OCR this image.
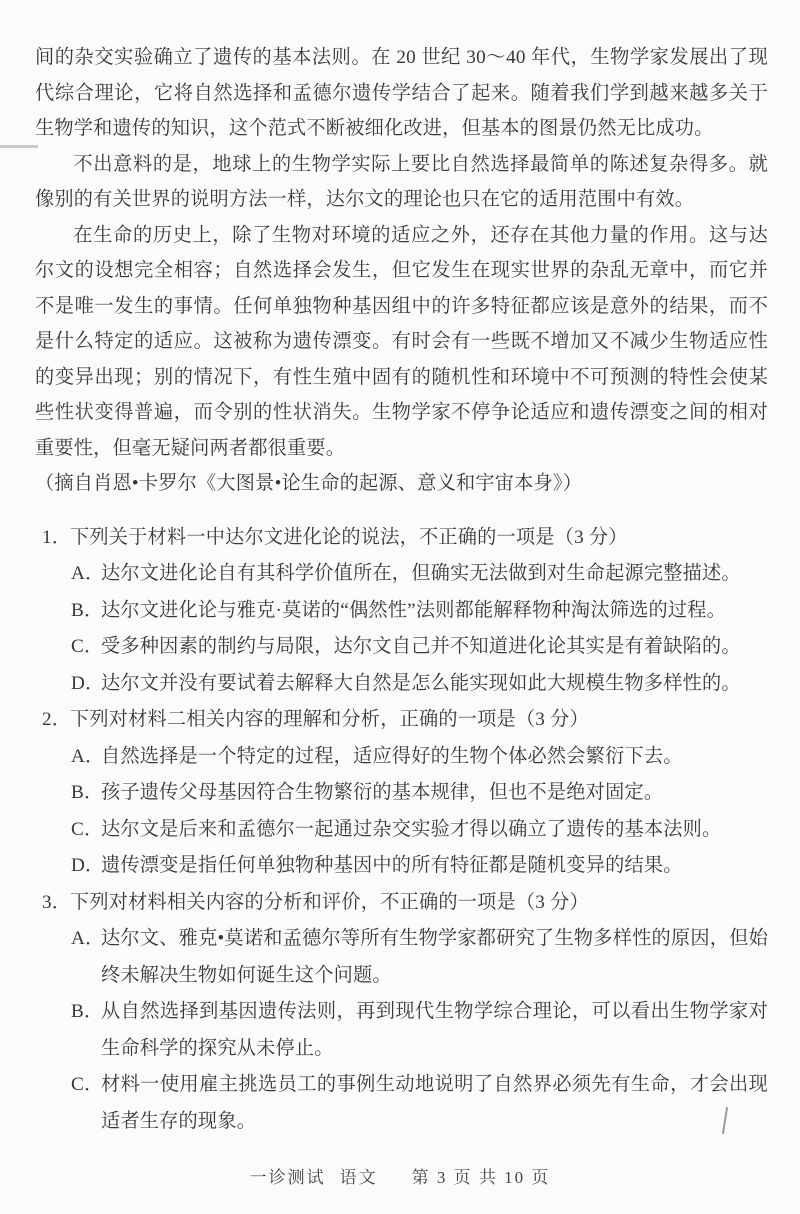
间的杂交实验确立了遗传的基本法则。在 20 世纪 30～40 年代，生物学家发展出了现代综合理论，它将自然选择和孟德尔遗传学结合了起来。随着我们学到越来越多关于生物学和遗传的知识，这个范式不断被细化改进，但基本的图景仍然无比成功。

不出意料的是，地球上的生物学实际上要比自然选择最简单的陈述复杂得多。就像别的有关世界的说明方法一样，达尔文的理论也只在它的适用范围中有效。

在生命的历史上，除了生物对环境的适应之外，还存在其他力量的作用。这与达尔文的设想完全相容；自然选择会发生，但它发生在现实世界的杂乱无章中，而它并不是唯一发生的事情。任何单独物种基因组中的许多特征都应该是意外的结果，而不是什么特定的适应。这被称为遗传漂变。有时会有一些既不增加又不减少生物适应性的变异出现；别的情况下，有性生殖中固有的随机性和环境中不可预测的特性会使某些性状变得普遍，而令别的性状消失。生物学家不停争论适应和遗传漂变之间的相对重要性，但毫无疑问两者都很重要。

（摘自肖恩•卡罗尔《大图景•论生命的起源、意义和宇宙本身》）

1．
下列关于材料一中达尔文进化论的说法，不正确的一项是（3 分）
A．
达尔文进化论自有其科学价值所在，但确实无法做到对生命起源完整描述。
B．
达尔文进化论与雅克·莫诺的“偶然性”法则都能解释物种淘汰筛选的过程。
C．
受多种因素的制约与局限，达尔文自己并不知道进化论其实是有着缺陷的。
D．
达尔文并没有要试着去解释大自然是怎么能实现如此大规模生物多样性的。
2．
下列对材料二相关内容的理解和分析，正确的一项是（3 分）
A．
自然选择是一个特定的过程，适应得好的生物个体必然会繁衍下去。
B．
孩子遗传父母基因符合生物繁衍的基本规律，但也不是绝对固定。
C．
达尔文是后来和孟德尔一起通过杂交实验才得以确立了遗传的基本法则。
D．
遗传漂变是指任何单独物种基因中的所有特征都是随机变异的结果。
3．
下列对材料相关内容的分析和评价，不正确的一项是（3 分）
A．
达尔文、雅克•莫诺和孟德尔等所有生物学家都研究了生物多样性的原因，但始终未解决生物如何诞生这个问题。
B．
从自然选择到基因遗传法则，再到现代生物学综合理论，可以看出生物学家对生命科学的探究从未停止。
C．
材料一使用雇主挑选员工的事例生动地说明了自然界必须先有生命，才会出现适者生存的现象。
一诊测试 语文 第 3 页 共 10 页
